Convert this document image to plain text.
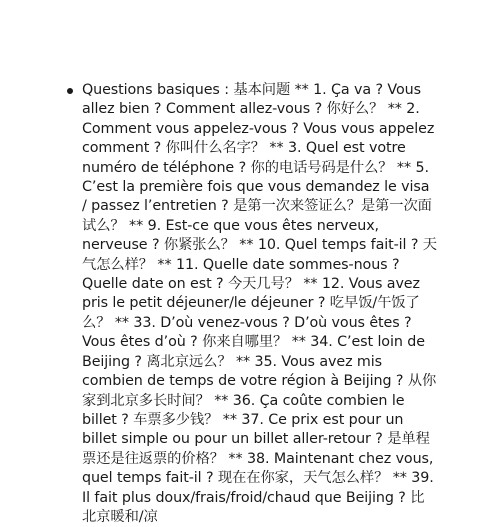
Questions basiques : 基本问题 ** 1. Ça va ? Vous allez bien ? Comment allez-vous ? 你好么？ ** 2. Comment vous appelez-vous ? Vous vous appelez comment ? 你叫什么名字？ ** 3. Quel est votre numéro de téléphone ? 你的电话号码是什么？ ** 5. C’est la première fois que vous demandez le visa / passez l’entretien ? 是第一次来签证么？是第一次面试么？ ** 9. Est-ce que vous êtes nerveux, nerveuse ? 你紧张么？ ** 10. Quel temps fait-il ? 天气怎么样？ ** 11. Quelle date sommes-nous ? Quelle date on est ? 今天几号？ ** 12. Vous avez pris le petit déjeuner/le déjeuner ? 吃早饭/午饭了么？ ** 33. D’où venez-vous ? D’où vous êtes ? Vous êtes d’où ? 你来自哪里？ ** 34. C’est loin de Beijing ? 离北京远么？ ** 35. Vous avez mis combien de temps de votre région à Beijing ? 从你家到北京多长时间？ ** 36. Ça coûte combien le billet ? 车票多少钱？ ** 37. Ce prix est pour un billet simple ou pour un billet aller-retour ? 是单程票还是往返票的价格？ ** 38. Maintenant chez vous, quel temps fait-il ? 现在在你家，天气怎么样？ ** 39. Il fait plus doux/frais/froid/chaud que Beijing ? 比北京暖和/凉
